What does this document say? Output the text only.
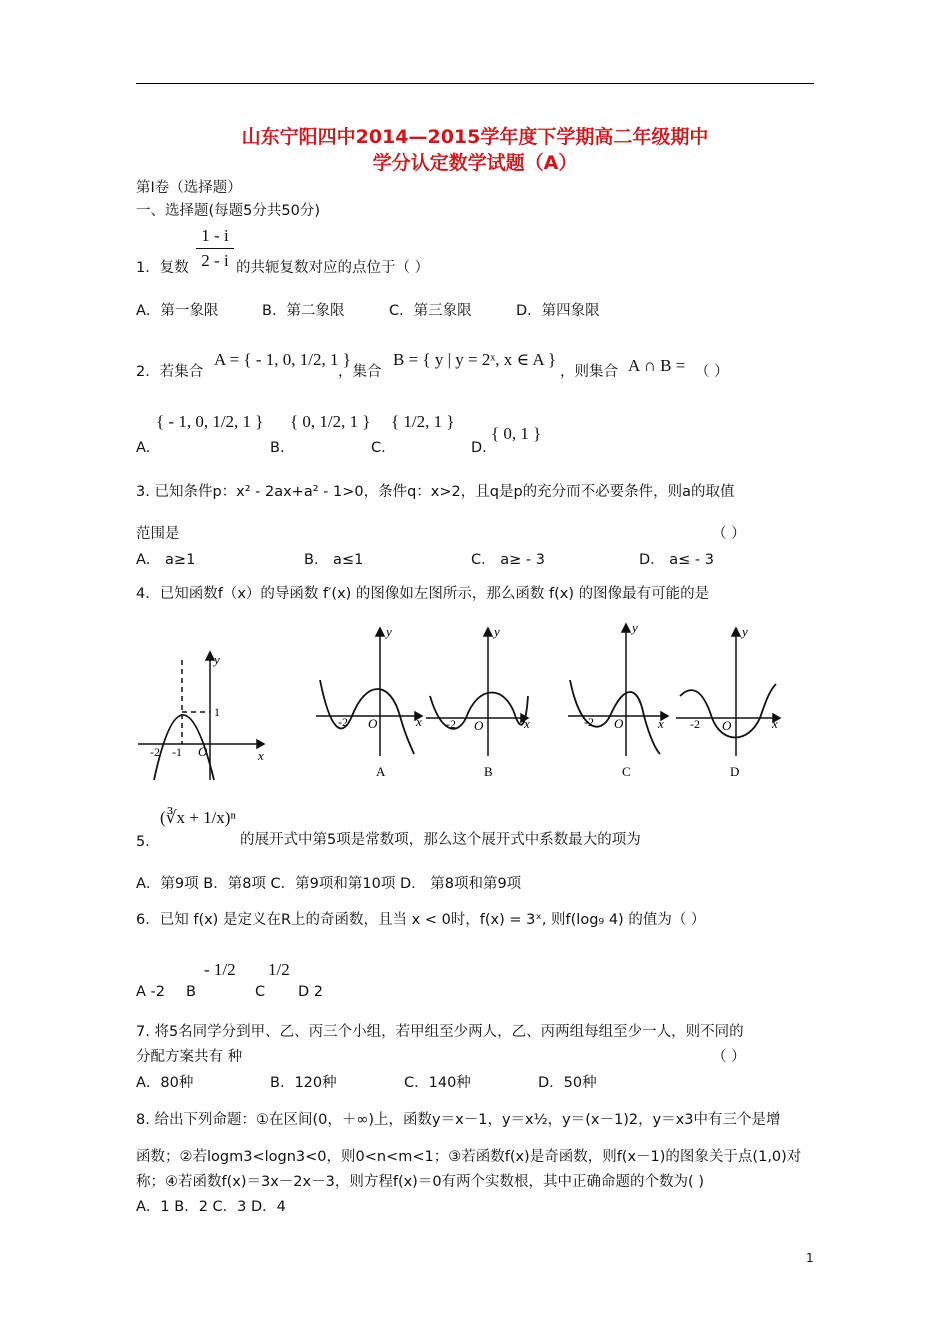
山东宁阳四中2014—2015学年度下学期高二年级期中
学分认定数学试题（A）
第I卷（选择题）
一、选择题(每题5分共50分)
1．复数 $\frac{1 - i}{2 - i}$ 的共轭复数对应的点位于（ ）
A．第一象限	B．第二象限	C．第三象限	D．第四象限
2．若集合
A = { - 1, 0, 1/2, 1 }
，集合
B = { y | y = 2ˣ, x ∈ A }
，则集合 A ∩ B = （ ）
A.
{ - 1, 0, 1/2, 1 }
B.
{ 0, 1/2, 1 }
C.
{ 1/2, 1 }
D.
{ 0, 1 }
3. 已知条件p：x² - 2ax+a² - 1>0，条件q：x>2，且q是p的充分而不必要条件，则a的取值
范围是	（ ）
A． a≥1	B． a≤1	C． a≥ - 3	D． a≤ - 3
4．已知函数f（x）的导函数 f′(x) 的图像如左图所示，那么函数 f(x) 的图像最有可能的是
y
x
1
-2 -1 O
y
x
-2 O
A
y
x
-2 O
B
y
x
-2 O
C
y
x
-2 O
D
5．
(∛x + 1/x)ⁿ
的展开式中第5项是常数项，那么这个展开式中系数最大的项为
A．第9项 B．第8项 C．第9项和第10项 D． 第8项和第9项
6．已知 f(x) 是定义在R上的奇函数，且当 x < 0时，f(x) = 3ˣ, 则f(log₉ 4) 的值为（ ）
A -2 B
- 1/2
C
1/2
D 2
7. 将5名同学分到甲、乙、丙三个小组，若甲组至少两人，乙、丙两组每组至少一人，则不同的
分配方案共有 种	（ ）
A．80种	B．120种	C．140种	D．50种
8. 给出下列命题：①在区间(0，＋∞)上，函数y＝x－1，y＝x½，y＝(x－1)2，y＝x3中有三个是增
函数；②若logm3<logn3<0，则0<n<m<1；③若函数f(x)是奇函数，则f(x－1)的图象关于点(1,0)对
称；④若函数f(x)＝3x－2x－3，则方程f(x)＝0有两个实数根，其中正确命题的个数为( )
A．1 B．2 C．3 D．4
1
